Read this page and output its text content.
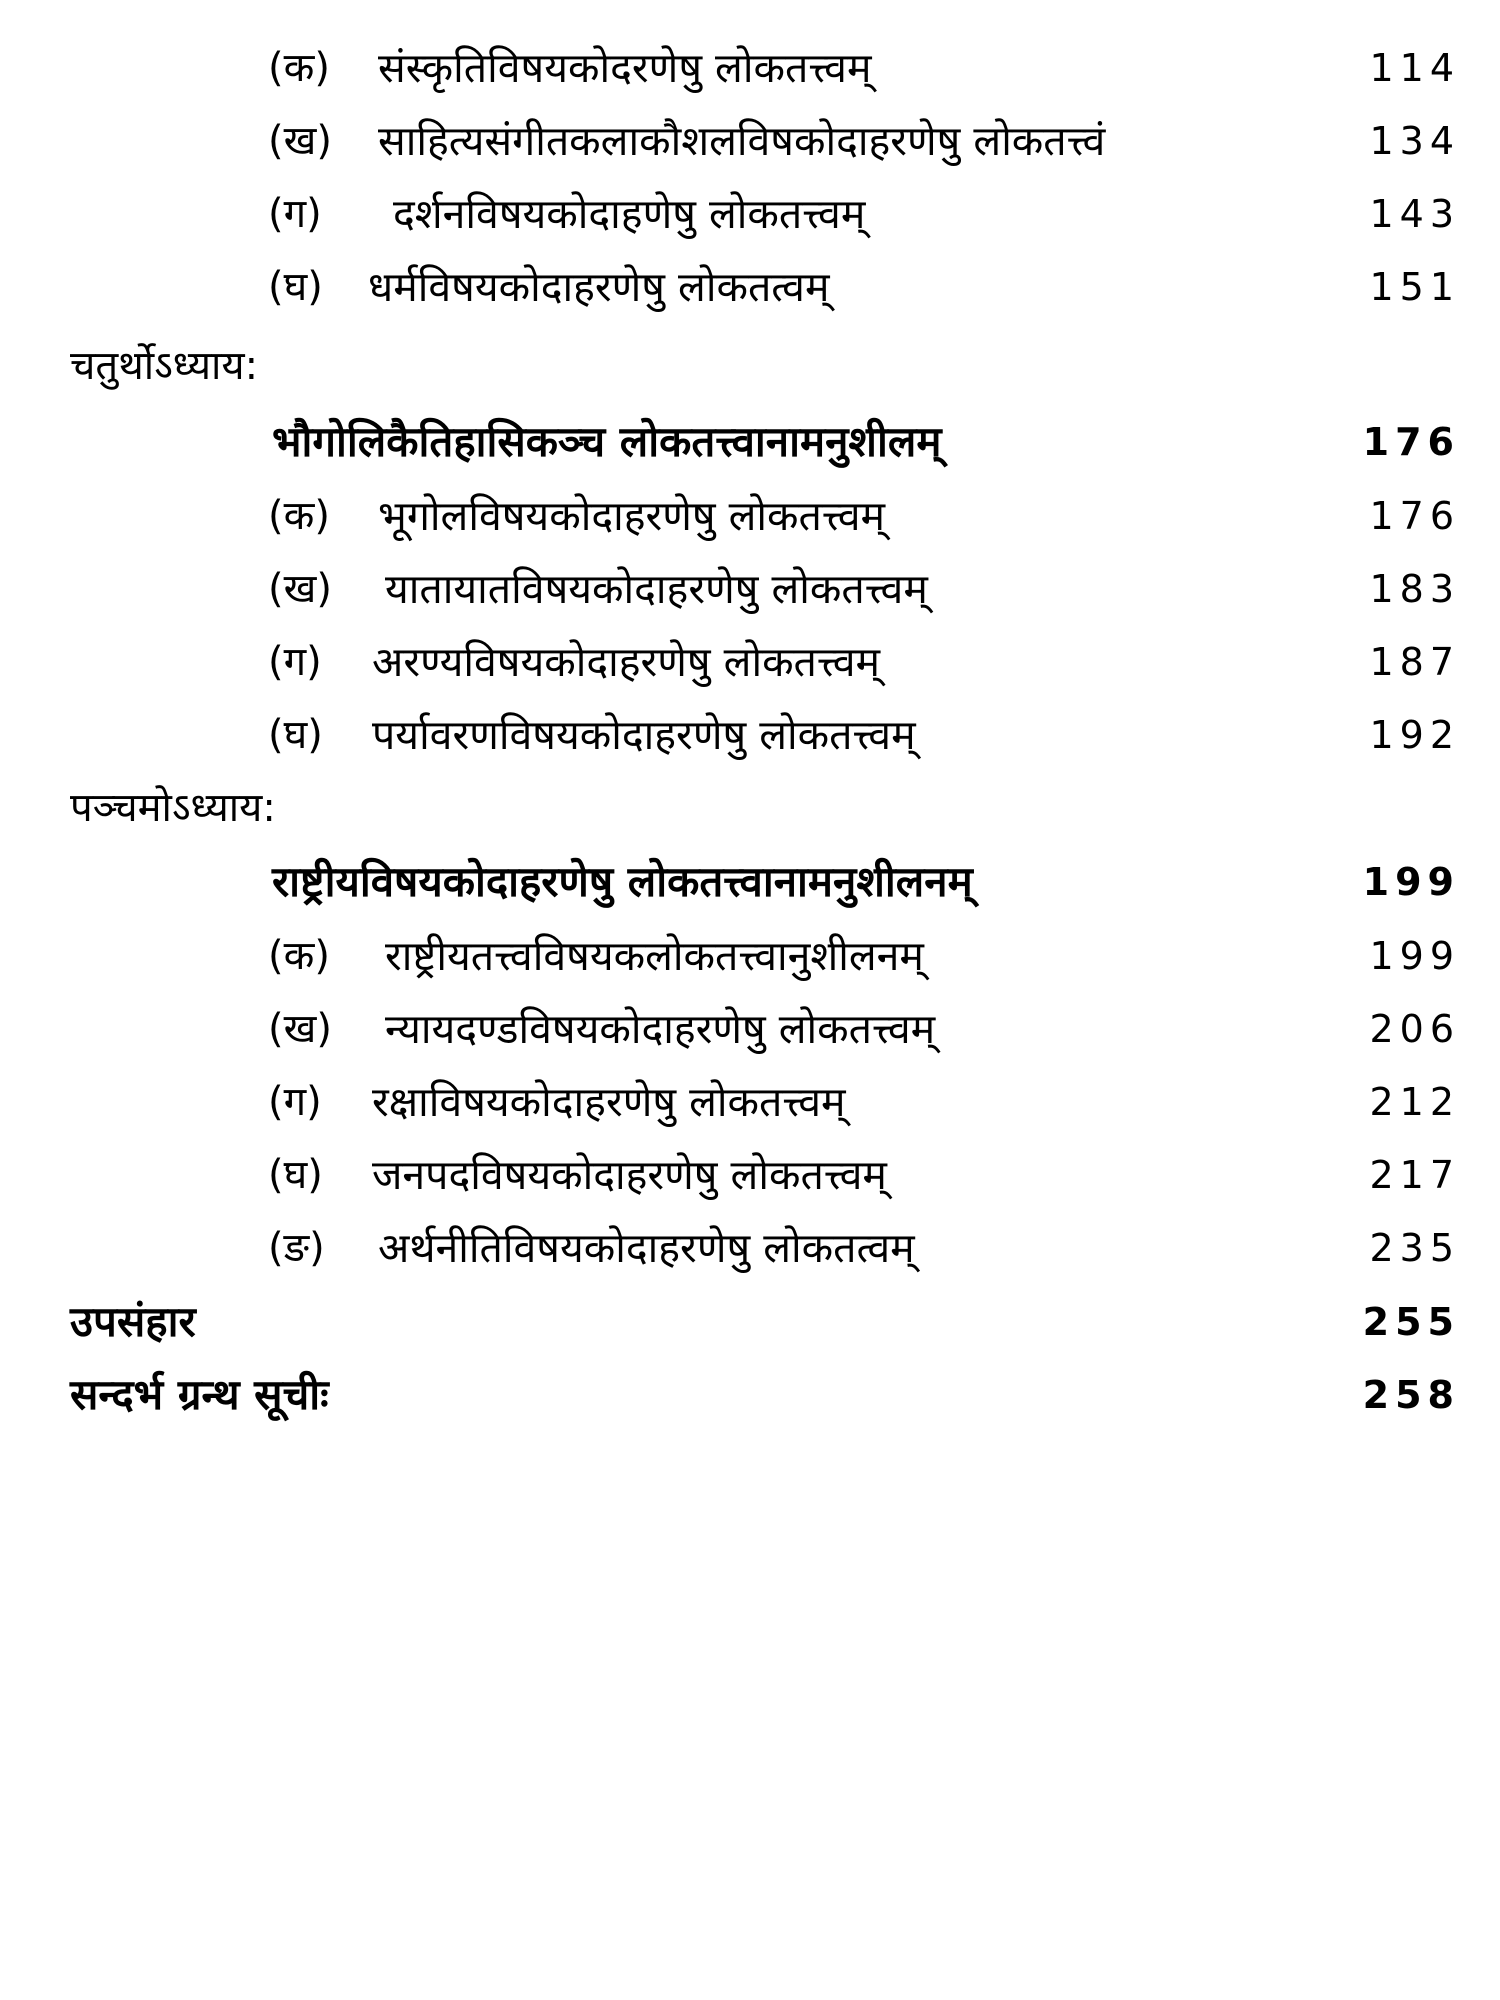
(क) संस्कृतिविषयकोदरणेषु लोकतत्त्वम्	114
(ख) साहित्यसंगीतकलाकौशलविषकोदाहरणेषु लोकतत्त्वं	134
(ग) दर्शनविषयकोदाहणेषु लोकतत्त्वम्	143
(घ) धर्मविषयकोदाहरणेषु लोकतत्वम्	151
चतुर्थोऽध्याय:
भौगोलिकैतिहासिकञ्च लोकतत्त्वानामनुशीलम्	176
(क) भूगोलविषयकोदाहरणेषु लोकतत्त्वम्	176
(ख) यातायातविषयकोदाहरणेषु लोकतत्त्वम्	183
(ग) अरण्यविषयकोदाहरणेषु लोकतत्त्वम्	187
(घ) पर्यावरणविषयकोदाहरणेषु लोकतत्त्वम्	192
पञ्चमोऽध्याय:
राष्ट्रीयविषयकोदाहरणेषु लोकतत्त्वानामनुशीलनम्	199
(क) राष्ट्रीयतत्त्वविषयकलोकतत्त्वानुशीलनम्	199
(ख) न्यायदण्डविषयकोदाहरणेषु लोकतत्त्वम्	206
(ग) रक्षाविषयकोदाहरणेषु लोकतत्त्वम्	212
(घ) जनपदविषयकोदाहरणेषु लोकतत्त्वम्	217
(ङ) अर्थनीतिविषयकोदाहरणेषु लोकतत्वम्	235
उपसंहार	255
सन्दर्भ ग्रन्थ सूचीः	258
